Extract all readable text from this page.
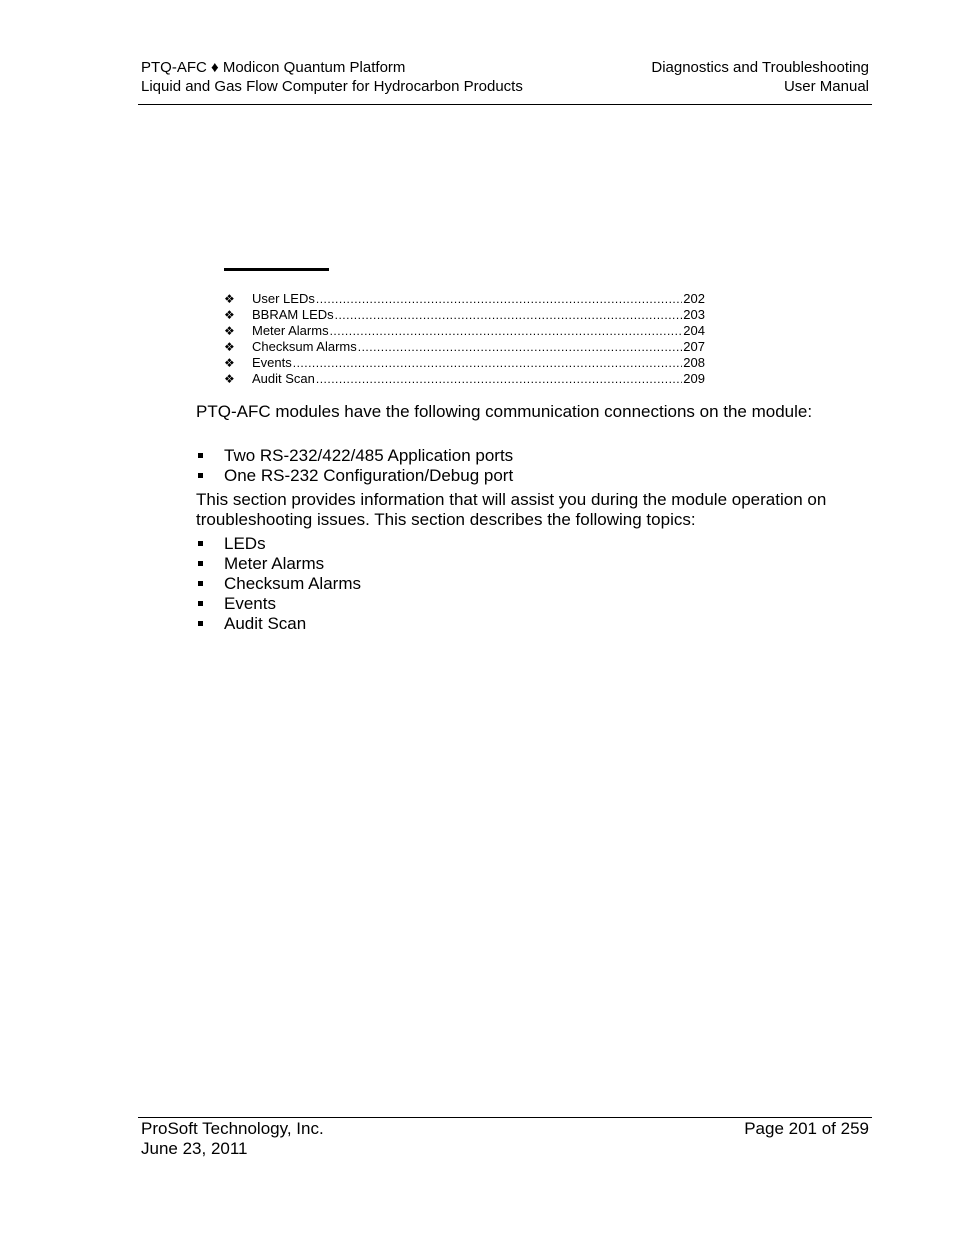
PTQ-AFC ♦ Modicon Quantum Platform
Liquid and Gas Flow Computer for Hydrocarbon Products
Diagnostics and Troubleshooting
User Manual
❖	User LEDs .....	202
❖	BBRAM LEDs .....	203
❖	Meter Alarms .....	204
❖	Checksum Alarms .....	207
❖	Events .....	208
❖	Audit Scan .....	209
PTQ-AFC modules have the following communication connections on the module:
Two RS-232/422/485 Application ports
One RS-232 Configuration/Debug port
This section provides information that will assist you during the module operation on troubleshooting issues. This section describes the following topics:
LEDs
Meter Alarms
Checksum Alarms
Events
Audit Scan
ProSoft Technology, Inc.
June 23, 2011
Page 201 of 259
